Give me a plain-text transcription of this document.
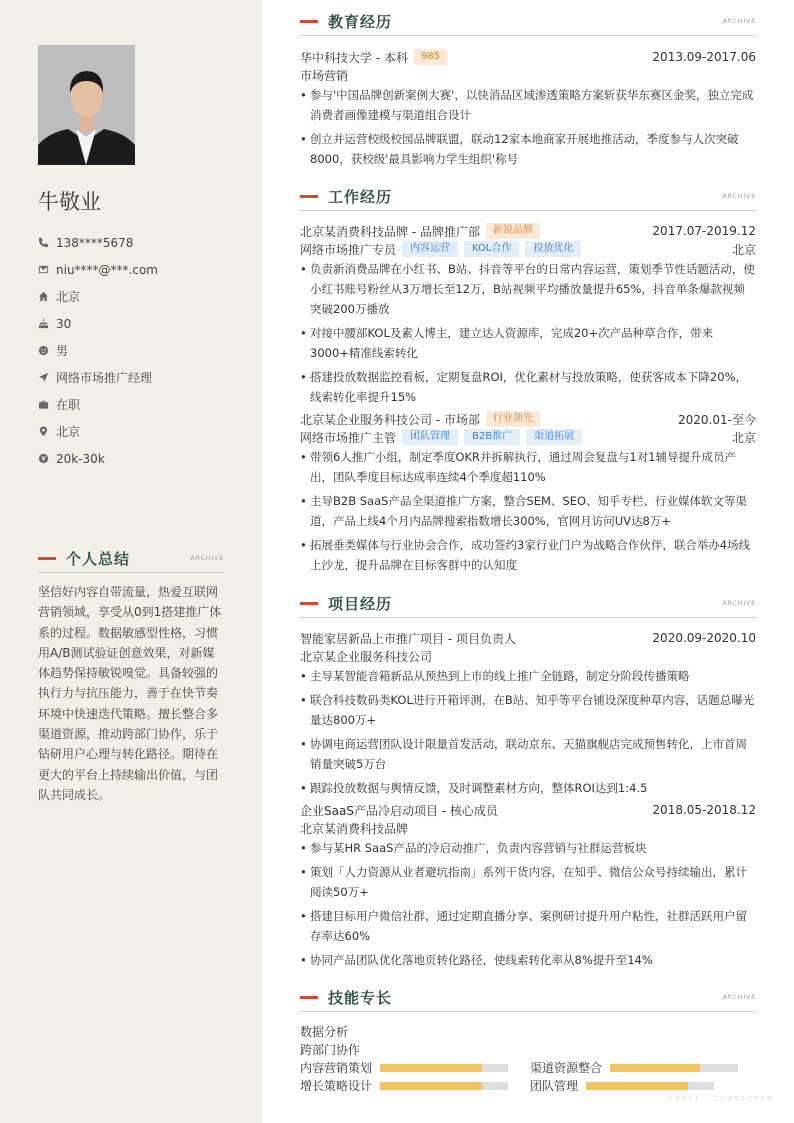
牛敬业
138****5678
niu****@***.com
北京
30
男
网络市场推广经理
在职
北京
20k-30k
个人总结	ARCHIVE
坚信好内容自带流量，热爱互联网营销领域，享受从0到1搭建推广体系的过程。数据敏感型性格，习惯用A/B测试验证创意效果，对新媒体趋势保持敏锐嗅觉。具备较强的执行力与抗压能力，善于在快节奏环境中快速迭代策略。擅长整合多渠道资源，推动跨部门协作，乐于钻研用户心理与转化路径。期待在更大的平台上持续输出价值，与团队共同成长。
教育经历	ARCHIVE
华中科技大学 - 本科	985	2013.09-2017.06
市场营销
• 参与'中国品牌创新案例大赛'，以快消品区域渗透策略方案斩获华东赛区金奖，独立完成消费者画像建模与渠道组合设计
• 创立并运营校级校园品牌联盟，联动12家本地商家开展地推活动，季度参与人次突破8000，获校级'最具影响力学生组织'称号
工作经历	ARCHIVE
北京某消费科技品牌 - 品牌推广部	新锐品牌	2017.07-2019.12
网络市场推广专员	内容运营	KOL合作	投放优化	北京
• 负责新消费品牌在小红书、B站、抖音等平台的日常内容运营，策划季节性话题活动，使小红书账号粉丝从3万增长至12万，B站视频平均播放量提升65%，抖音单条爆款视频突破200万播放
• 对接中腰部KOL及素人博主，建立达人资源库，完成20+次产品种草合作，带来3000+精准线索转化
• 搭建投放数据监控看板，定期复盘ROI，优化素材与投放策略，使获客成本下降20%，线索转化率提升15%
北京某企业服务科技公司 - 市场部	行业领先	2020.01-至今
网络市场推广主管	团队管理	B2B推广	渠道拓展	北京
• 带领6人推广小组，制定季度OKR并拆解执行，通过周会复盘与1对1辅导提升成员产出，团队季度目标达成率连续4个季度超110%
• 主导B2B SaaS产品全渠道推广方案，整合SEM、SEO、知乎专栏、行业媒体软文等渠道，产品上线4个月内品牌搜索指数增长300%，官网月访问UV达8万+
• 拓展垂类媒体与行业协会合作，成功签约3家行业门户为战略合作伙伴，联合举办4场线上沙龙，提升品牌在目标客群中的认知度
项目经历	ARCHIVE
智能家居新品上市推广项目 - 项目负责人	2020.09-2020.10
北京某企业服务科技公司
• 主导某智能音箱新品从预热到上市的线上推广全链路，制定分阶段传播策略
• 联合科技数码类KOL进行开箱评测，在B站、知乎等平台铺设深度种草内容，话题总曝光量达800万+
• 协调电商运营团队设计限量首发活动，联动京东、天猫旗舰店完成预售转化，上市首周销量突破5万台
• 跟踪投放数据与舆情反馈，及时调整素材方向，整体ROI达到1:4.5
企业SaaS产品冷启动项目 - 核心成员	2018.05-2018.12
北京某消费科技品牌
• 参与某HR SaaS产品的冷启动推广，负责内容营销与社群运营板块
• 策划「人力资源从业者避坑指南」系列干货内容，在知乎、微信公众号持续输出，累计阅读50万+
• 搭建目标用户微信社群，通过定期直播分享、案例研讨提升用户粘性，社群活跃用户留存率达60%
• 协同产品团队优化落地页转化路径，使线索转化率从8%提升至14%
技能专长	ARCHIVE
数据分析
跨部门协作
内容营销策划	渠道资源整合
增长策略设计	团队管理
CRAFT · CHARACTER
